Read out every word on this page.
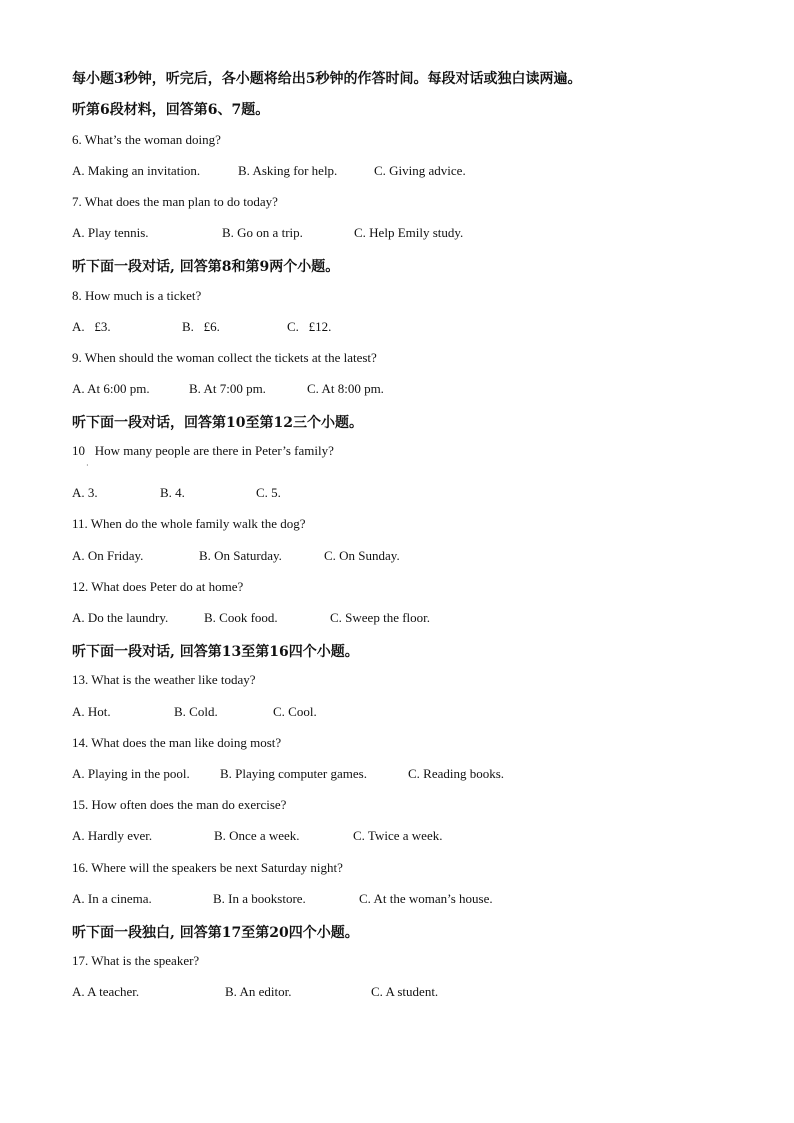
每小题3秒钟，听完后，各小题将给出5秒钟的作答时间。每段对话或独白读两遍。
听第6段材料，回答第6、7题。
6. What’s the woman doing?
A. Making an invitation.	B. Asking for help.	C. Giving advice.
7. What does the man plan to do today?
A. Play tennis.	B. Go on a trip.	C. Help Emily study.
听下面一段对话, 回答第8和第9两个小题。
8. How much is a ticket?
A.   £3.	B.   £6.	C.   £12.
9. When should the woman collect the tickets at the latest?
A. At 6:00 pm.	B. At 7:00 pm.	C. At 8:00 pm.
听下面一段对话，回答第10至第12三个小题。
10   How many people are there in Peter’s family?
·
A. 3.	B. 4.	C. 5.
11. When do the whole family walk the dog?
A. On Friday.	B. On Saturday.	C. On Sunday.
12. What does Peter do at home?
A. Do the laundry.	B. Cook food.	C. Sweep the floor.
听下面一段对话, 回答第13至第16四个小题。
13. What is the weather like today?
A. Hot.	B. Cold.	C. Cool.
14. What does the man like doing most?
A. Playing in the pool. B. Playing computer games.	C. Reading books.
15. How often does the man do exercise?
A. Hardly ever.	B. Once a week.	C. Twice a week.
16. Where will the speakers be next Saturday night?
A. In a cinema.	B. In a bookstore.	C. At the woman’s house.
听下面一段独白, 回答第17至第20四个小题。
17. What is the speaker?
A. A teacher.	B. An editor.	C. A student.
